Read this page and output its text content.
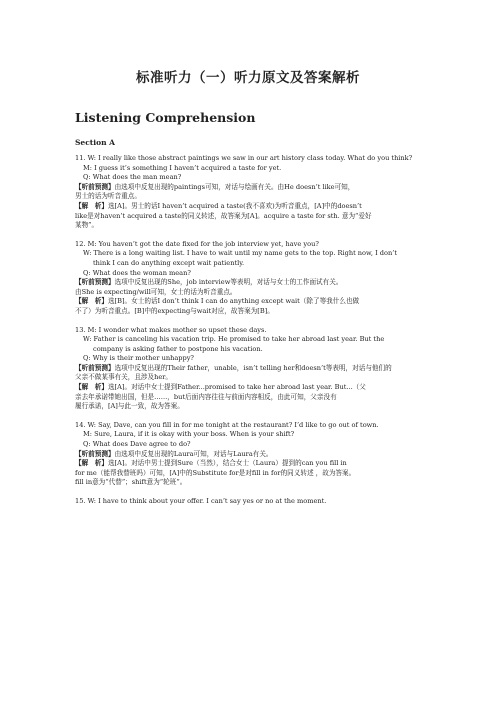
标准听力（一）听力原文及答案解析
Listening Comprehension
Section A
11. W: I really like those abstract paintings we saw in our art history class today. What do you think?
M: I guess it’s something I haven’t acquired a taste for yet.
Q: What does the man mean?
【听前预测】由选项中反复出现的paintings可知，对话与绘画有关。由He doesn’t like可知，
男士的话为听音重点。
【解　析】选[A]。男士的话I haven’t acquired a taste(我不喜欢)为听音重点，[A]中的doesn’t
like是对haven’t acquired a taste的同义转述，故答案为[A]。acquire a taste for sth. 意为“爱好
某物”。
12. M: You haven’t got the date fixed for the job interview yet, have you?
W: There is a long waiting list. I have to wait until my name gets to the top. Right now, I don’t
think I can do anything except wait patiently.
Q: What does the woman mean?
【听前预测】选项中反复出现的She，job interview等表明，对话与女士的工作面试有关。
由She is expecting/will可知，女士的话为听音重点。
【解　析】选[B]。女士的话I don’t think I can do anything except wait（除了等我什么也做
不了）为听音重点。[B]中的expecting与wait对应，故答案为[B]。
13. M: I wonder what makes mother so upset these days.
W: Father is canceling his vacation trip. He promised to take her abroad last year. But the
company is asking father to postpone his vacation.
Q: Why is their mother unhappy?
【听前预测】选项中反复出现的Their father，unable，isn’t telling her和doesn’t等表明，对话与他们的
父亲不做某事有关，且涉及her。
【解　析】选[A]。对话中女士提到Father...promised to take her abroad last year. But...（父
亲去年承诺带她出国，但是……，but后面内容往往与前面内容相反，由此可知，父亲没有
履行承诺，[A]与此一致，故为答案。
14. W: Say, Dave, can you fill in for me tonight at the restaurant? I’d like to go out of town.
M: Sure, Laura, if it is okay with your boss. When is your shift?
Q: What does Dave agree to do?
【听前预测】由选项中反复出现的Laura可知，对话与Laura有关。
【解　析】选[A]。对话中男士提到Sure（当然），结合女士（Laura）提到的can you fill in
for me（能帮我替班吗）可知，[A]中的Substitute for是对fill in for的同义转述 ，故为答案。
fill in意为“代替”；shift意为“轮班”。
15. W: I have to think about your offer. I can’t say yes or no at the moment.
